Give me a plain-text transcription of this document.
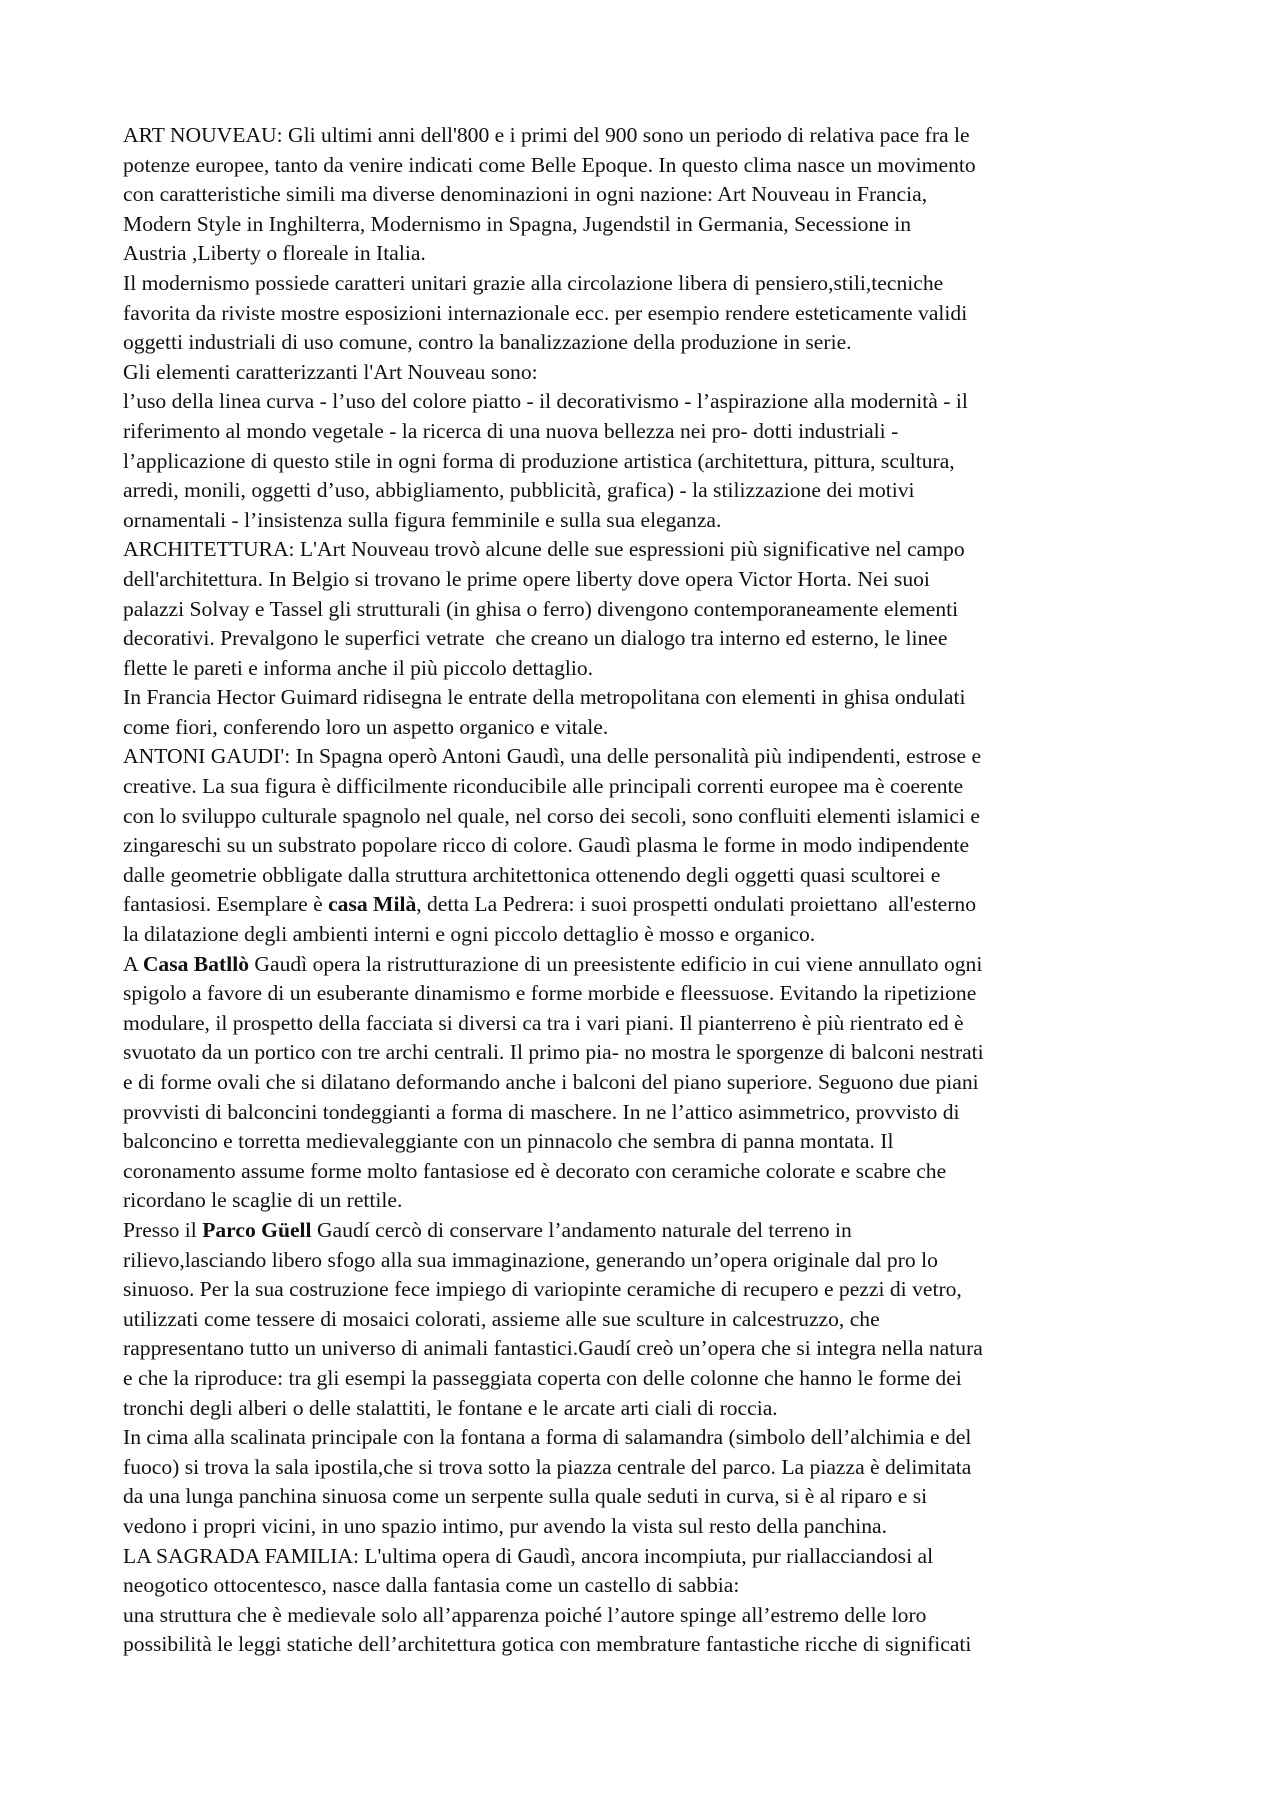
ART NOUVEAU: Gli ultimi anni dell'800 e i primi del 900 sono un periodo di relativa pace fra le
potenze europee, tanto da venire indicati come Belle Epoque. In questo clima nasce un movimento
con caratteristiche simili ma diverse denominazioni in ogni nazione: Art Nouveau in Francia,
Modern Style in Inghilterra, Modernismo in Spagna, Jugendstil in Germania, Secessione in
Austria ,Liberty o floreale in Italia.
Il modernismo possiede caratteri unitari grazie alla circolazione libera di pensiero,stili,tecniche
favorita da riviste mostre esposizioni internazionale ecc. per esempio rendere esteticamente validi
oggetti industriali di uso comune, contro la banalizzazione della produzione in serie.
Gli elementi caratterizzanti l'Art Nouveau sono:
l’uso della linea curva - l’uso del colore piatto - il decorativismo - l’aspirazione alla modernità - il
riferimento al mondo vegetale - la ricerca di una nuova bellezza nei pro- dotti industriali -
l’applicazione di questo stile in ogni forma di produzione artistica (architettura, pittura, scultura,
arredi, monili, oggetti d’uso, abbigliamento, pubblicità, grafica) - la stilizzazione dei motivi
ornamentali - l’insistenza sulla figura femminile e sulla sua eleganza.
ARCHITETTURA: L'Art Nouveau trovò alcune delle sue espressioni più significative nel campo
dell'architettura. In Belgio si trovano le prime opere liberty dove opera Victor Horta. Nei suoi
palazzi Solvay e Tassel gli strutturali (in ghisa o ferro) divengono contemporaneamente elementi
decorativi. Prevalgono le superfici vetrate  che creano un dialogo tra interno ed esterno, le linee
flette le pareti e informa anche il più piccolo dettaglio.
In Francia Hector Guimard ridisegna le entrate della metropolitana con elementi in ghisa ondulati
come fiori, conferendo loro un aspetto organico e vitale.
ANTONI GAUDI': In Spagna operò Antoni Gaudì, una delle personalità più indipendenti, estrose e
creative. La sua figura è difficilmente riconducibile alle principali correnti europee ma è coerente
con lo sviluppo culturale spagnolo nel quale, nel corso dei secoli, sono confluiti elementi islamici e
zingareschi su un substrato popolare ricco di colore. Gaudì plasma le forme in modo indipendente
dalle geometrie obbligate dalla struttura architettonica ottenendo degli oggetti quasi scultorei e
fantasiosi. Esemplare è casa Milà, detta La Pedrera: i suoi prospetti ondulati proiettano  all'esterno
la dilatazione degli ambienti interni e ogni piccolo dettaglio è mosso e organico.
A Casa Batllò Gaudì opera la ristrutturazione di un preesistente edificio in cui viene annullato ogni
spigolo a favore di un esuberante dinamismo e forme morbide e fleessuose. Evitando la ripetizione
modulare, il prospetto della facciata si diversi ca tra i vari piani. Il pianterreno è più rientrato ed è
svuotato da un portico con tre archi centrali. Il primo pia- no mostra le sporgenze di balconi nestrati
e di forme ovali che si dilatano deformando anche i balconi del piano superiore. Seguono due piani
provvisti di balconcini tondeggianti a forma di maschere. In ne l’attico asimmetrico, provvisto di
balconcino e torretta medievaleggiante con un pinnacolo che sembra di panna montata. Il
coronamento assume forme molto fantasiose ed è decorato con ceramiche colorate e scabre che
ricordano le scaglie di un rettile.
Presso il Parco Güell Gaudí cercò di conservare l’andamento naturale del terreno in
rilievo,lasciando libero sfogo alla sua immaginazione, generando un’opera originale dal pro lo
sinuoso. Per la sua costruzione fece impiego di variopinte ceramiche di recupero e pezzi di vetro,
utilizzati come tessere di mosaici colorati, assieme alle sue sculture in calcestruzzo, che
rappresentano tutto un universo di animali fantastici.Gaudí creò un’opera che si integra nella natura
e che la riproduce: tra gli esempi la passeggiata coperta con delle colonne che hanno le forme dei
tronchi degli alberi o delle stalattiti, le fontane e le arcate arti ciali di roccia.
In cima alla scalinata principale con la fontana a forma di salamandra (simbolo dell’alchimia e del
fuoco) si trova la sala ipostila,che si trova sotto la piazza centrale del parco. La piazza è delimitata
da una lunga panchina sinuosa come un serpente sulla quale seduti in curva, si è al riparo e si
vedono i propri vicini, in uno spazio intimo, pur avendo la vista sul resto della panchina.
LA SAGRADA FAMILIA: L'ultima opera di Gaudì, ancora incompiuta, pur riallacciandosi al
neogotico ottocentesco, nasce dalla fantasia come un castello di sabbia:
una struttura che è medievale solo all’apparenza poiché l’autore spinge all’estremo delle loro
possibilità le leggi statiche dell’architettura gotica con membrature fantastiche ricche di significati
